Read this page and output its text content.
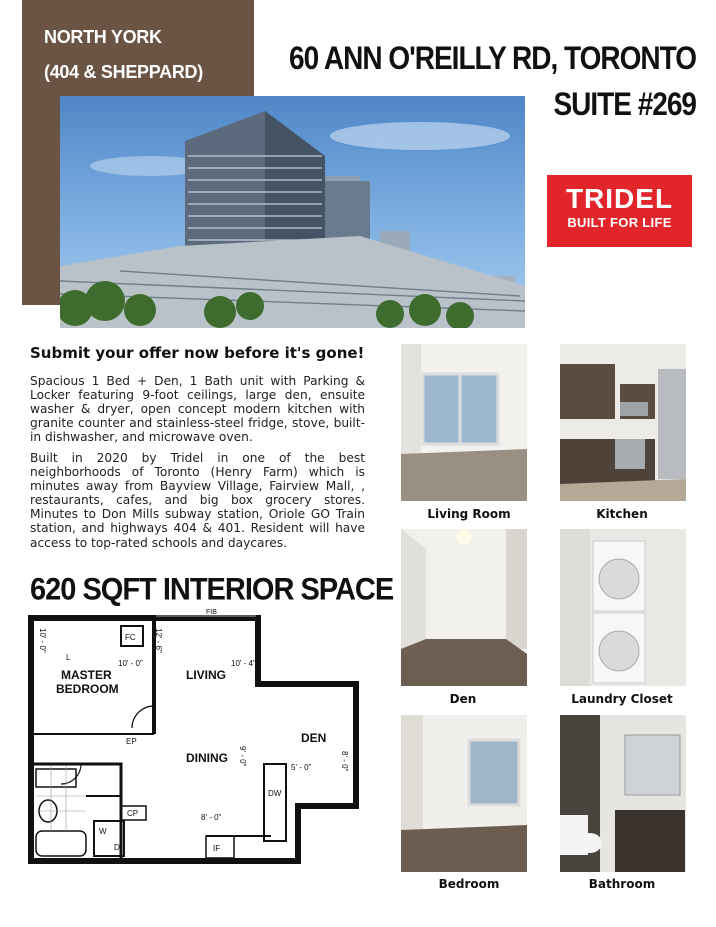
NORTH YORK
(404 & SHEPPARD)	60 ANN O'REILLY RD, TORONTO
SUITE #269
TRIDEL
BUILT FOR LIFE
Submit your offer now before it's gone!
Spacious 1 Bed + Den, 1 Bath unit with Parking & Locker featuring 9-foot ceilings, large den, ensuite washer & dryer, open concept modern kitchen with granite counter and stainless-steel fridge, stove, built-in dishwasher, and microwave oven.
Built in 2020 by Tridel in one of the best neighborhoods of Toronto (Henry Farm) which is minutes away from Bayview Village, Fairview Mall, , restaurants, cafes, and big box grocery stores. Minutes to Don Mills subway station, Oriole GO Train station, and highways 404 & 401. Resident will have access to top-rated schools and daycares.
620 SQFT INTERIOR SPACE
MASTER
BEDROOM
LIVING
DINING
DEN
FIB
FC
EP
CP
DW
W
D	IF
L
10' - 0"	10' - 4"
5' - 0"
8' - 0"
10' - 0"	12' - 6"
8' - 0"
9' - 0"
Living Room	Kitchen
Den	Laundry Closet
Bedroom	Bathroom
